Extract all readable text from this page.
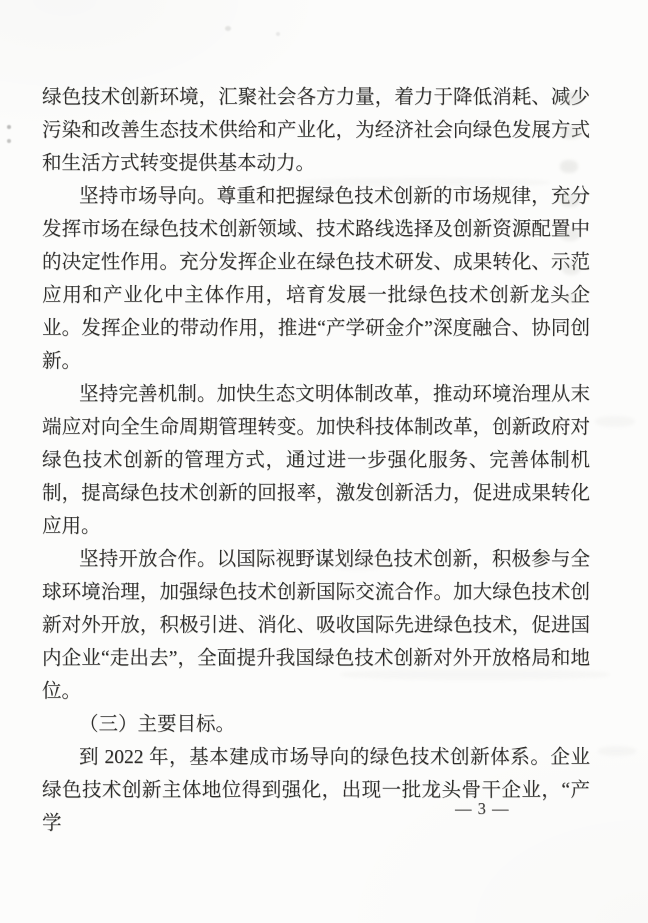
绿色技术创新环境，汇聚社会各方力量，着力于降低消耗、减少污染和改善生态技术供给和产业化，为经济社会向绿色发展方式和生活方式转变提供基本动力。

坚持市场导向。尊重和把握绿色技术创新的市场规律，充分发挥市场在绿色技术创新领域、技术路线选择及创新资源配置中的决定性作用。充分发挥企业在绿色技术研发、成果转化、示范应用和产业化中主体作用，培育发展一批绿色技术创新龙头企业。发挥企业的带动作用，推进“产学研金介”深度融合、协同创新。

坚持完善机制。加快生态文明体制改革，推动环境治理从末端应对向全生命周期管理转变。加快科技体制改革，创新政府对绿色技术创新的管理方式，通过进一步强化服务、完善体制机制，提高绿色技术创新的回报率，激发创新活力，促进成果转化应用。

坚持开放合作。以国际视野谋划绿色技术创新，积极参与全球环境治理，加强绿色技术创新国际交流合作。加大绿色技术创新对外开放，积极引进、消化、吸收国际先进绿色技术，促进国内企业“走出去”，全面提升我国绿色技术创新对外开放格局和地位。

（三）主要目标。

到 2022 年，基本建成市场导向的绿色技术创新体系。企业绿色技术创新主体地位得到强化，出现一批龙头骨干企业，“产学

— 3 —
